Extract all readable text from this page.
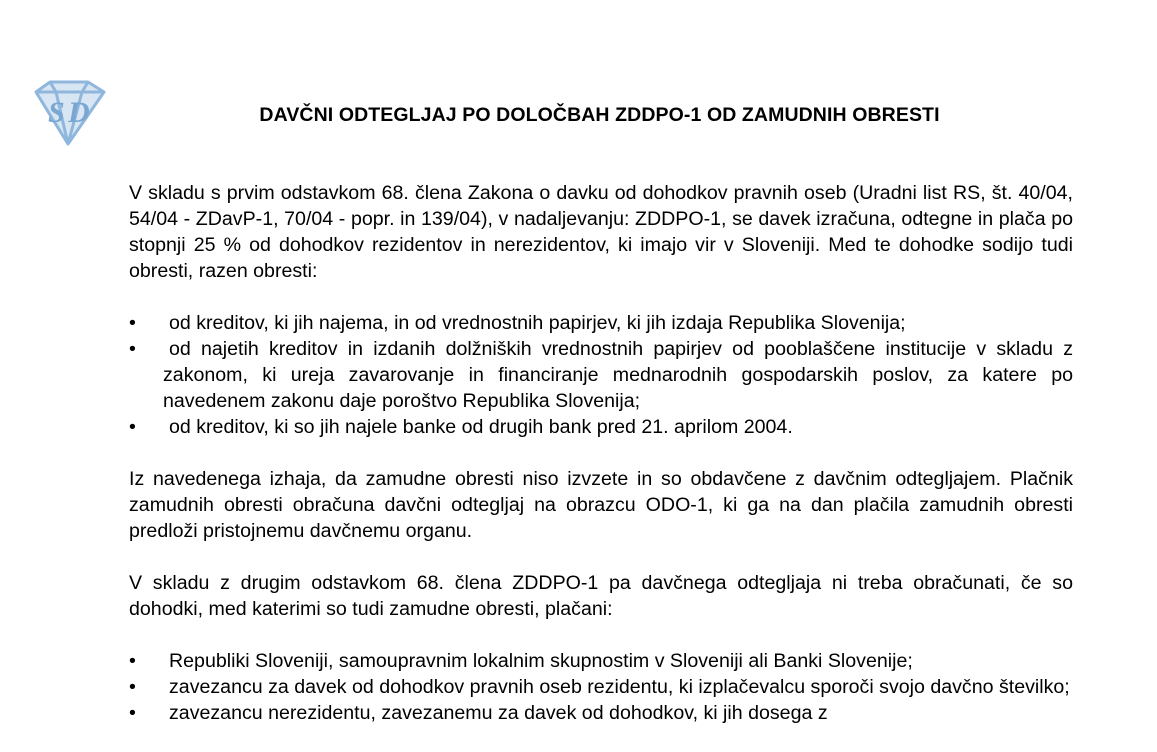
S D	DAVČNI ODTEGLJAJ PO DOLOČBAH ZDDPO-1 OD ZAMUDNIH OBRESTI

V skladu s prvim odstavkom 68. člena Zakona o davku od dohodkov pravnih oseb (Uradni list RS, št. 40/04, 54/04 - ZDavP-1, 70/04 - popr. in 139/04), v nadaljevanju: ZDDPO-1, se davek izračuna, odtegne in plača po stopnji 25 % od dohodkov rezidentov in nerezidentov, ki imajo vir v Sloveniji. Med te dohodke sodijo tudi obresti, razen obresti:

•	od kreditov, ki jih najema, in od vrednostnih papirjev, ki jih izdaja Republika Slovenija;
•	od najetih kreditov in izdanih dolžniških vrednostnih papirjev od pooblaščene institucije v skladu z zakonom, ki ureja zavarovanje in financiranje mednarodnih gospodarskih poslov, za katere po navedenem zakonu daje poroštvo Republika Slovenija;
•	od kreditov, ki so jih najele banke od drugih bank pred 21. aprilom 2004.

Iz navedenega izhaja, da zamudne obresti niso izvzete in so obdavčene z davčnim odtegljajem. Plačnik zamudnih obresti obračuna davčni odtegljaj na obrazcu ODO-1, ki ga na dan plačila zamudnih obresti predloži pristojnemu davčnemu organu.

V skladu z drugim odstavkom 68. člena ZDDPO-1 pa davčnega odtegljaja ni treba obračunati, če so dohodki, med katerimi so tudi zamudne obresti, plačani:

•	Republiki Sloveniji, samoupravnim lokalnim skupnostim v Sloveniji ali Banki Slovenije;
•	zavezancu za davek od dohodkov pravnih oseb rezidentu, ki izplačevalcu sporoči svojo davčno številko;
•	zavezancu nerezidentu, zavezanemu za davek od dohodkov, ki jih dosega z
